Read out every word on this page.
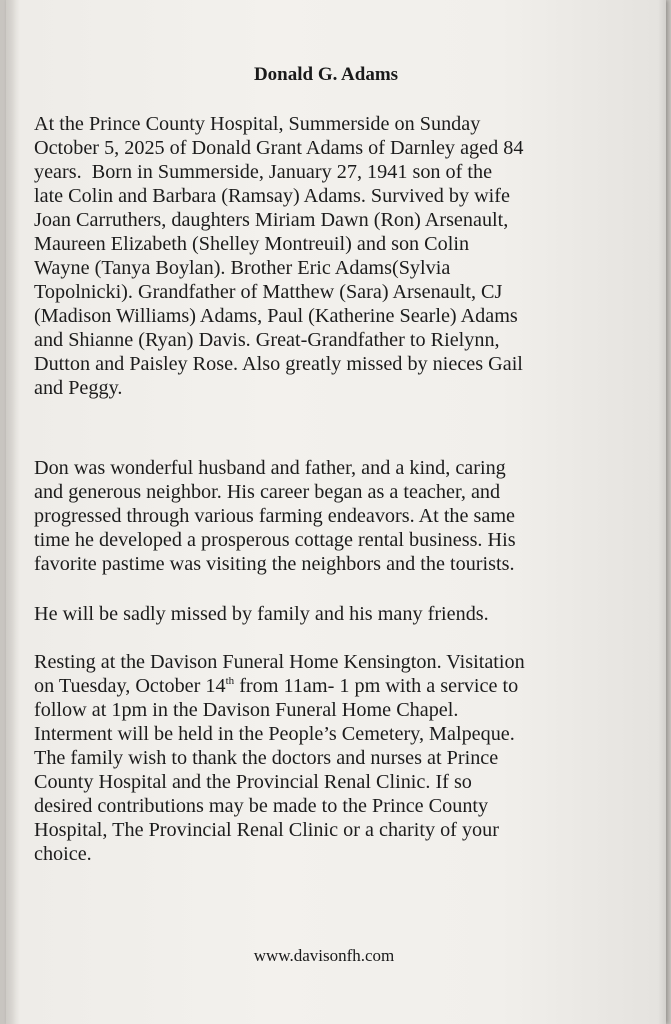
Donald G. Adams
At the Prince County Hospital, Summerside on Sunday
October 5, 2025 of Donald Grant Adams of Darnley aged 84
years.  Born in Summerside, January 27, 1941 son of the
late Colin and Barbara (Ramsay) Adams. Survived by wife
Joan Carruthers, daughters Miriam Dawn (Ron) Arsenault,
Maureen Elizabeth (Shelley Montreuil) and son Colin
Wayne (Tanya Boylan). Brother Eric Adams(Sylvia
Topolnicki). Grandfather of Matthew (Sara) Arsenault, CJ
(Madison Williams) Adams, Paul (Katherine Searle) Adams
and Shianne (Ryan) Davis. Great-Grandfather to Rielynn,
Dutton and Paisley Rose. Also greatly missed by nieces Gail
and Peggy.
Don was wonderful husband and father, and a kind, caring
and generous neighbor. His career began as a teacher, and
progressed through various farming endeavors. At the same
time he developed a prosperous cottage rental business. His
favorite pastime was visiting the neighbors and the tourists.
He will be sadly missed by family and his many friends.
Resting at the Davison Funeral Home Kensington. Visitation
on Tuesday, October 14th from 11am- 1 pm with a service to
follow at 1pm in the Davison Funeral Home Chapel.
Interment will be held in the People’s Cemetery, Malpeque.
The family wish to thank the doctors and nurses at Prince
County Hospital and the Provincial Renal Clinic. If so
desired contributions may be made to the Prince County
Hospital, The Provincial Renal Clinic or a charity of your
choice.
www.davisonfh.com
